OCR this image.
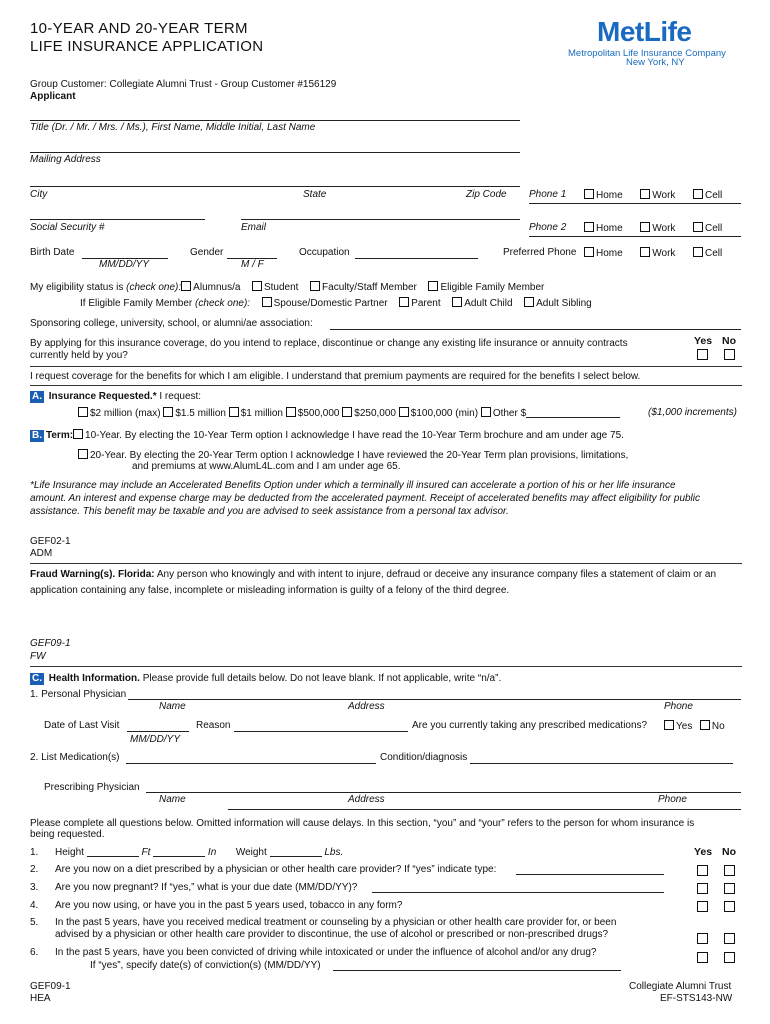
10-YEAR AND 20-YEAR TERM
LIFE INSURANCE APPLICATION	MetLife
Metropolitan Life Insurance Company
New York, NY
Group Customer: Collegiate Alumni Trust - Group Customer #156129
Applicant
Title (Dr. / Mr. / Mrs. / Ms.), First Name, Middle Initial, Last Name
Mailing Address
City	State	Zip Code Phone 1	Home	Work	Cell
Social Security #	Email	Phone 2	Home	Work	Cell
Birth Date
MM/DD/YY
Gender
M / F
Occupation	Preferred Phone	Home	Work	Cell
My eligibility status is (check one): Alumnus/a Student Faculty/Staff Member Eligible Family Member
If Eligible Family Member (check one): Spouse/Domestic Partner Parent Adult Child Adult Sibling
Sponsoring college, university, school, or alumni/ae association:
By applying for this insurance coverage, do you intend to replace, discontinue or change any existing life insurance or annuity contracts
currently held by you?
Yes No
I request coverage for the benefits for which I am eligible. I understand that premium payments are required for the benefits I select below.
A. Insurance Requested.* I request:
$2 million (max) $1.5 million $1 million $500,000 $250,000 $100,000 (min) Other $	($1,000 increments)
B. Term: 10-Year. By electing the 10-Year Term option I acknowledge I have read the 10-Year Term brochure and am under age 75.
20-Year. By electing the 20-Year Term option I acknowledge I have reviewed the 20-Year Term plan provisions, limitations,
and premiums at www.AlumL4L.com and I am under age 65.
*Life Insurance may include an Accelerated Benefits Option under which a terminally ill insured can accelerate a portion of his or her life insurance
amount. An interest and expense charge may be deducted from the accelerated payment. Receipt of accelerated benefits may affect eligibility for public
assistance. This benefit may be taxable and you are advised to seek assistance from a personal tax advisor.
GEF02-1
ADM
Fraud Warning(s). Florida: Any person who knowingly and with intent to injure, defraud or deceive any insurance company files a statement of claim or an
application containing any false, incomplete or misleading information is guilty of a felony of the third degree.
GEF09-1
FW
C. Health Information. Please provide full details below. Do not leave blank. If not applicable, write “n/a”.
1. Personal Physician
Name	Address	Phone
Date of Last Visit
MM/DD/YY
Reason	Are you currently taking any prescribed medications?	Yes No
2. List Medication(s)	Condition/diagnosis
Prescribing Physician
Name	Address	Phone
Please complete all questions below. Omitted information will cause delays. In this section, “you” and “your” refers to the person for whom insurance is
being requested.
Yes No
1. Height	Ft	In Weight	Lbs.
2. Are you now on a diet prescribed by a physician or other health care provider? If “yes” indicate type:
3. Are you now pregnant? If “yes,” what is your due date (MM/DD/YY)?
4. Are you now using, or have you in the past 5 years used, tobacco in any form?
5. In the past 5 years, have you received medical treatment or counseling by a physician or other health care provider for, or been
advised by a physician or other health care provider to discontinue, the use of alcohol or prescribed or non-prescribed drugs?
6. In the past 5 years, have you been convicted of driving while intoxicated or under the influence of alcohol and/or any drug?
If “yes”, specify date(s) of conviction(s) (MM/DD/YY)
GEF09-1
HEA
Collegiate Alumni Trust
EF-STS143-NW
